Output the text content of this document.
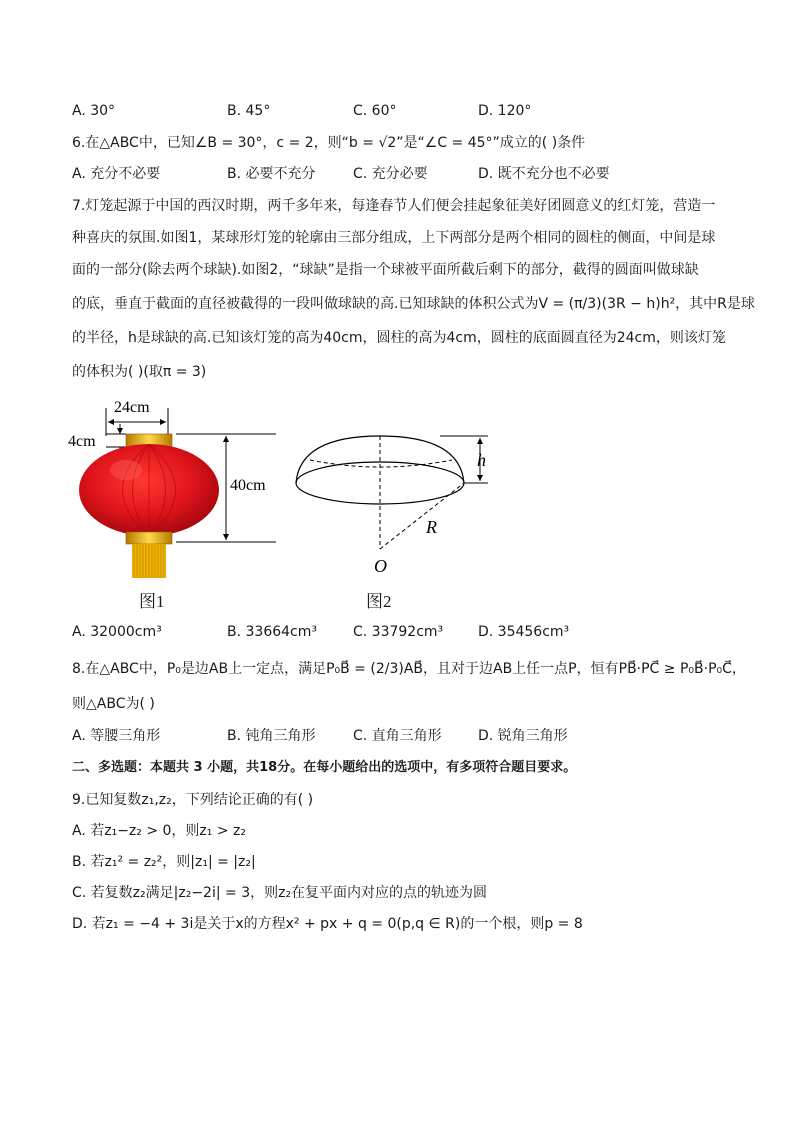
A. 30°	B. 45°	C. 60°	D. 120°
6.在△ABC中，已知∠B = 30°，c = 2，则“b = √2”是“∠C = 45°”成立的( )条件
A. 充分不必要	B. 必要不充分	C. 充分必要	D. 既不充分也不必要
7.灯笼起源于中国的西汉时期，两千多年来，每逢春节人们便会挂起象征美好团圆意义的红灯笼，营造一
种喜庆的氛围.如图1，某球形灯笼的轮廓由三部分组成，上下两部分是两个相同的圆柱的侧面，中间是球
面的一部分(除去两个球缺).如图2，“球缺”是指一个球被平面所截后剩下的部分，截得的圆面叫做球缺
的底，垂直于截面的直径被截得的一段叫做球缺的高.已知球缺的体积公式为V = (π/3)(3R − h)h²，其中R是球
的半径，h是球缺的高.已知该灯笼的高为40cm，圆柱的高为4cm，圆柱的底面圆直径为24cm，则该灯笼
的体积为( )(取π = 3)
24cm
4cm
40cm
图1
h
R
O
图2
A. 32000cm³	B. 33664cm³	C. 33792cm³ D. 35456cm³
8.在△ABC中，P₀是边AB上一定点，满足P₀B⃗ = (2/3)AB⃗，且对于边AB上任一点P，恒有PB⃗·PC⃗ ≥ P₀B⃗·P₀C⃗，
则△ABC为( )
A. 等腰三角形	B. 钝角三角形	C. 直角三角形	D. 锐角三角形
二、多选题：本题共 3 小题，共18分。在每小题给出的选项中，有多项符合题目要求。
9.已知复数z₁,z₂，下列结论正确的有( )
A. 若z₁−z₂ > 0，则z₁ > z₂
B. 若z₁² = z₂²，则|z₁| = |z₂|
C. 若复数z₂满足|z₂−2i| = 3，则z₂在复平面内对应的点的轨迹为圆
D. 若z₁ = −4 + 3i是关于x的方程x² + px + q = 0(p,q ∈ R)的一个根，则p = 8
